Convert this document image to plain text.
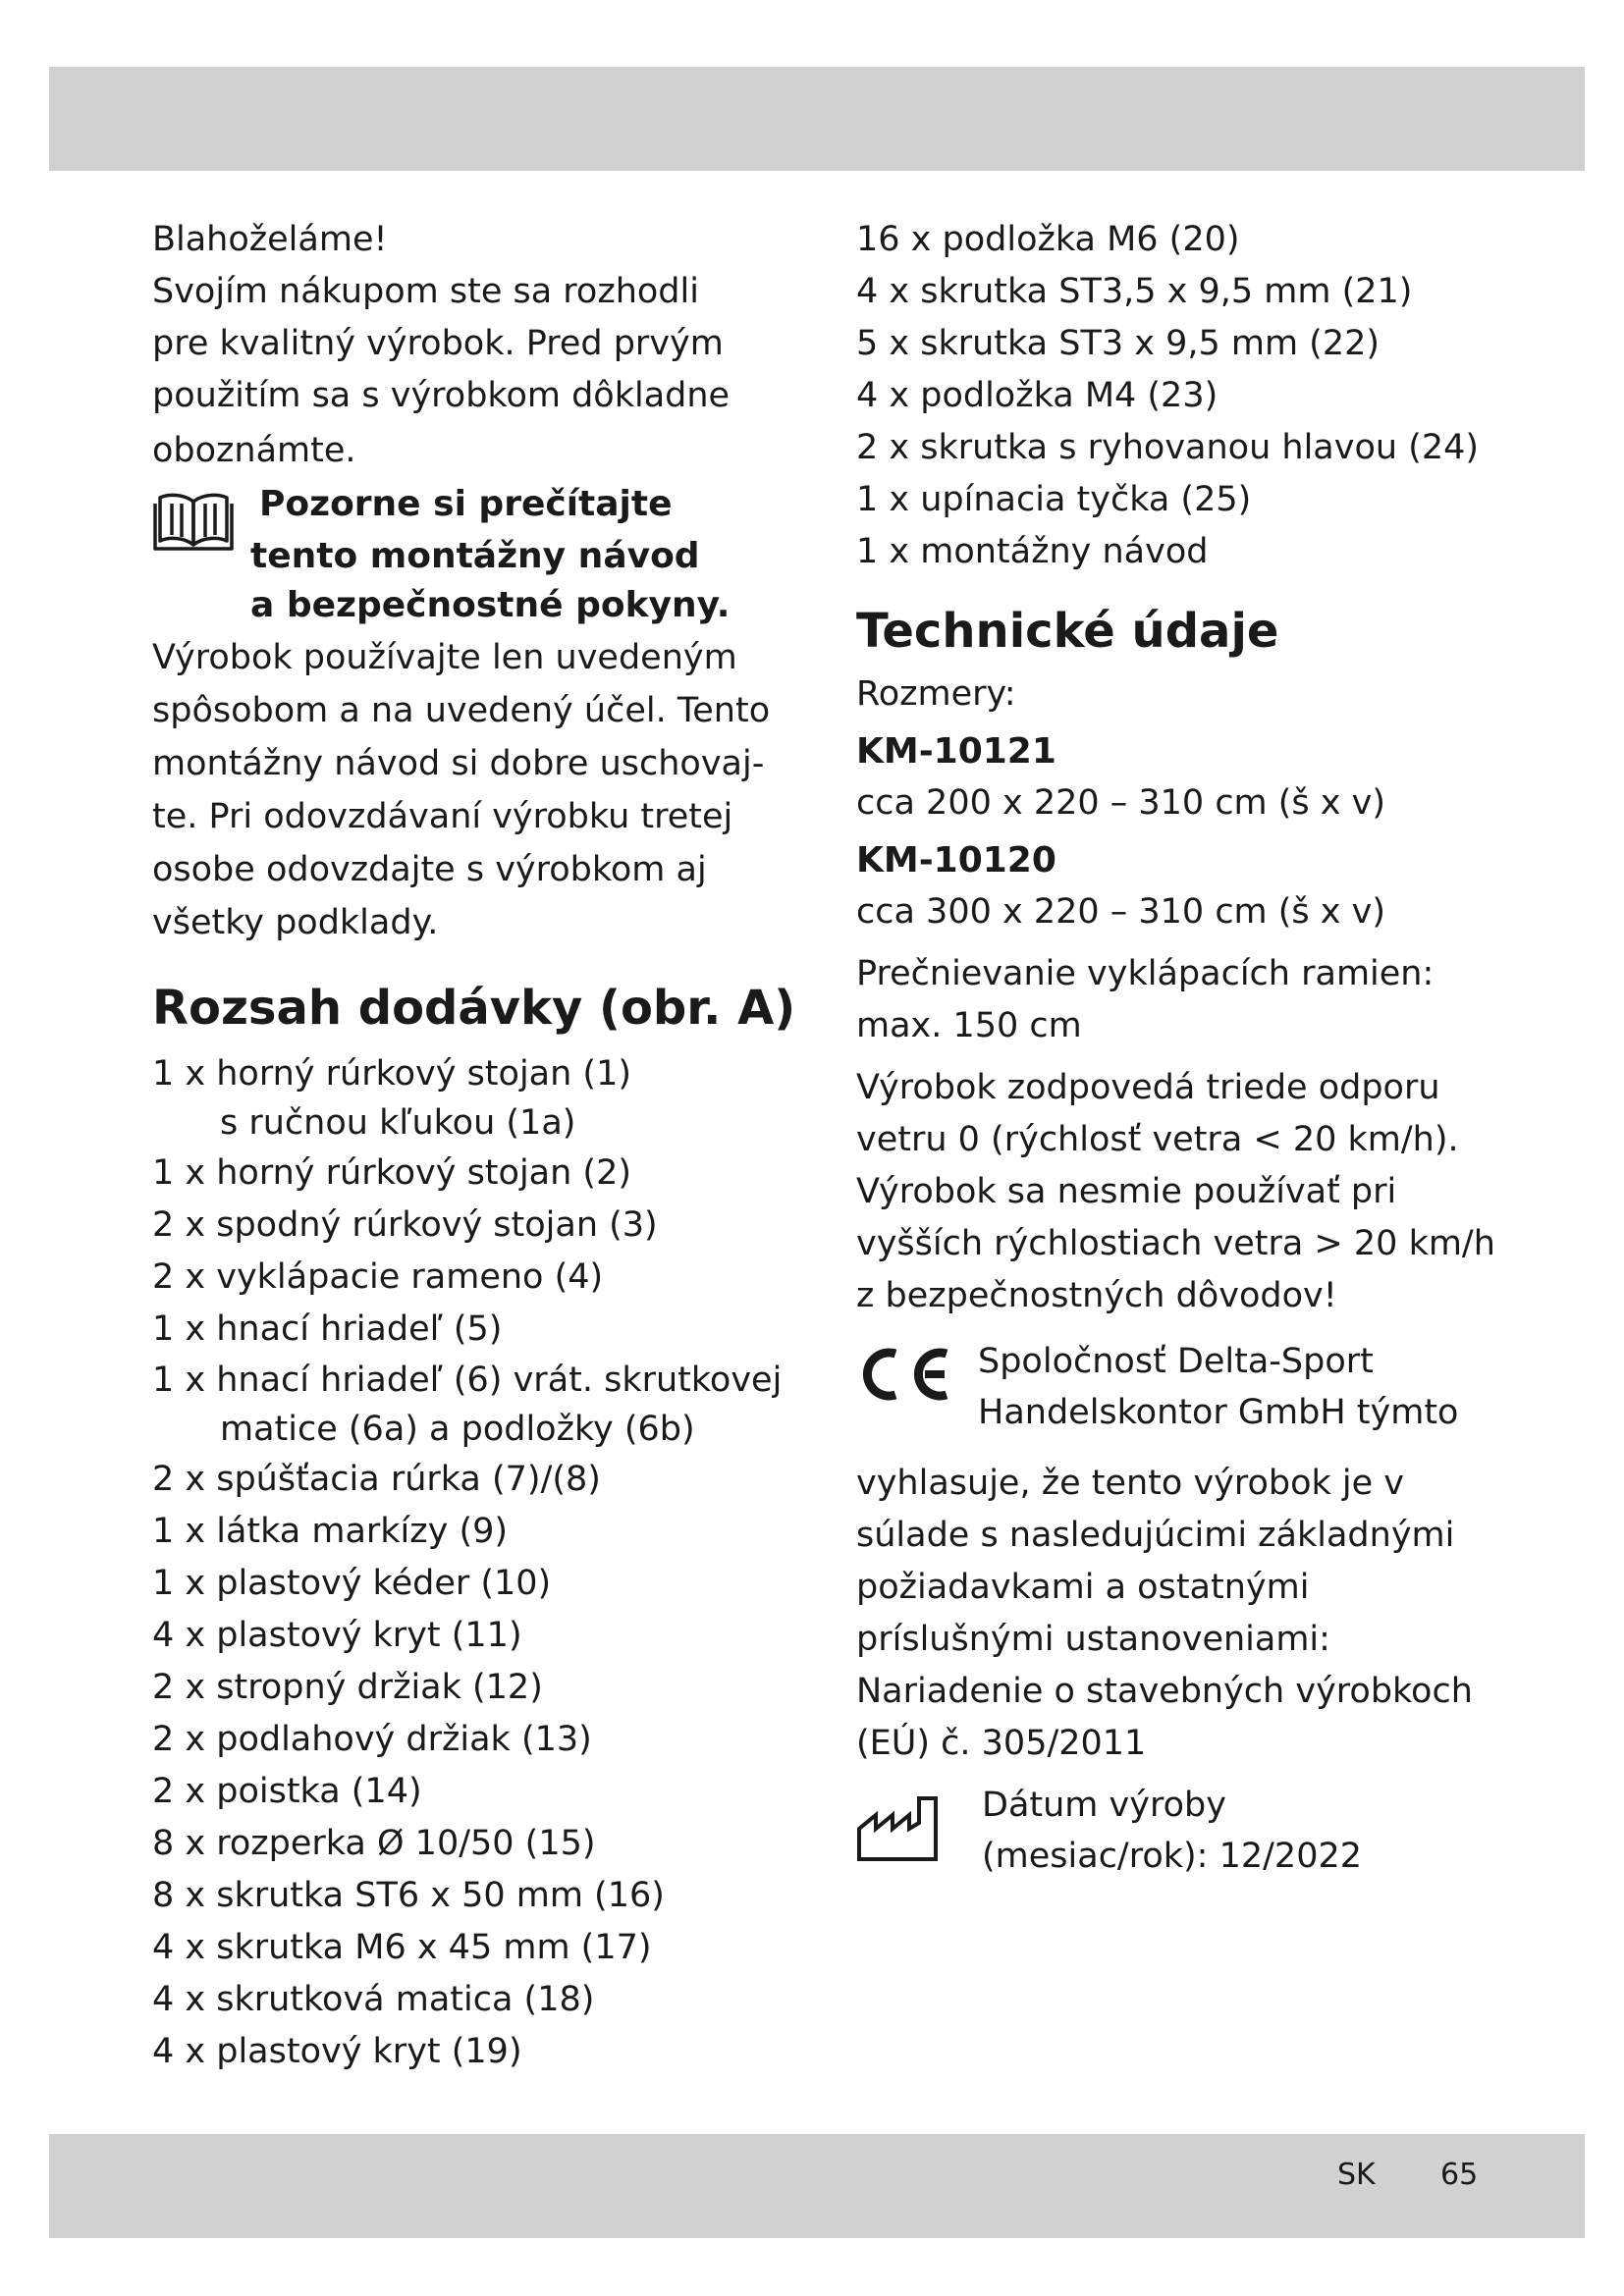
Blahoželáme!

Svojím nákupom ste sa rozhodli

pre kvalitný výrobok. Pred prvým

použitím sa s výrobkom dôkladne

oboznámte.

Pozorne si prečítajte
tento montážny návod
a bezpečnostné pokyny.

Výrobok používajte len uvedeným

spôsobom a na uvedený účel. Tento

montážny návod si dobre uschovaj-

te. Pri odovzdávaní výrobku tretej

osobe odovzdajte s výrobkom aj

všetky podklady.

Rozsah dodávky (obr. A)

1 x horný rúrkový stojan (1)

s ručnou kľukou (1a)

1 x horný rúrkový stojan (2)

2 x spodný rúrkový stojan (3)

2 x vyklápacie rameno (4)

1 x hnací hriadeľ (5)

1 x hnací hriadeľ (6) vrát. skrutkovej

matice (6a) a podložky (6b)

2 x spúšťacia rúrka (7)/(8)

1 x látka markízy (9)

1 x plastový kéder (10)

4 x plastový kryt (11)

2 x stropný držiak (12)

2 x podlahový držiak (13)

2 x poistka (14)

8 x rozperka Ø 10/50 (15)

8 x skrutka ST6 x 50 mm (16)

4 x skrutka M6 x 45 mm (17)

4 x skrutková matica (18)

4 x plastový kryt (19)

16 x podložka M6 (20)

4 x skrutka ST3,5 x 9,5 mm (21)

5 x skrutka ST3 x 9,5 mm (22)

4 x podložka M4 (23)

2 x skrutka s ryhovanou hlavou (24)

1 x upínacia tyčka (25)

1 x montážny návod

Technické údaje

Rozmery:

KM-10121

cca 200 x 220 – 310 cm (š x v)

KM-10120

cca 300 x 220 – 310 cm (š x v)

Prečnievanie vyklápacích ramien:

max. 150 cm

Výrobok zodpovedá triede odporu

vetru 0 (rýchlosť vetra < 20 km/h).

Výrobok sa nesmie používať pri

vyšších rýchlostiach vetra > 20 km/h

z bezpečnostných dôvodov!

Spoločnosť Delta-Sport
Handelskontor GmbH týmto

vyhlasuje, že tento výrobok je v

súlade s nasledujúcimi základnými

požiadavkami a ostatnými

príslušnými ustanoveniami:

Nariadenie o stavebných výrobkoch

(EÚ) č. 305/2011

Dátum výroby
(mesiac/rok): 12/2022
SK 65
